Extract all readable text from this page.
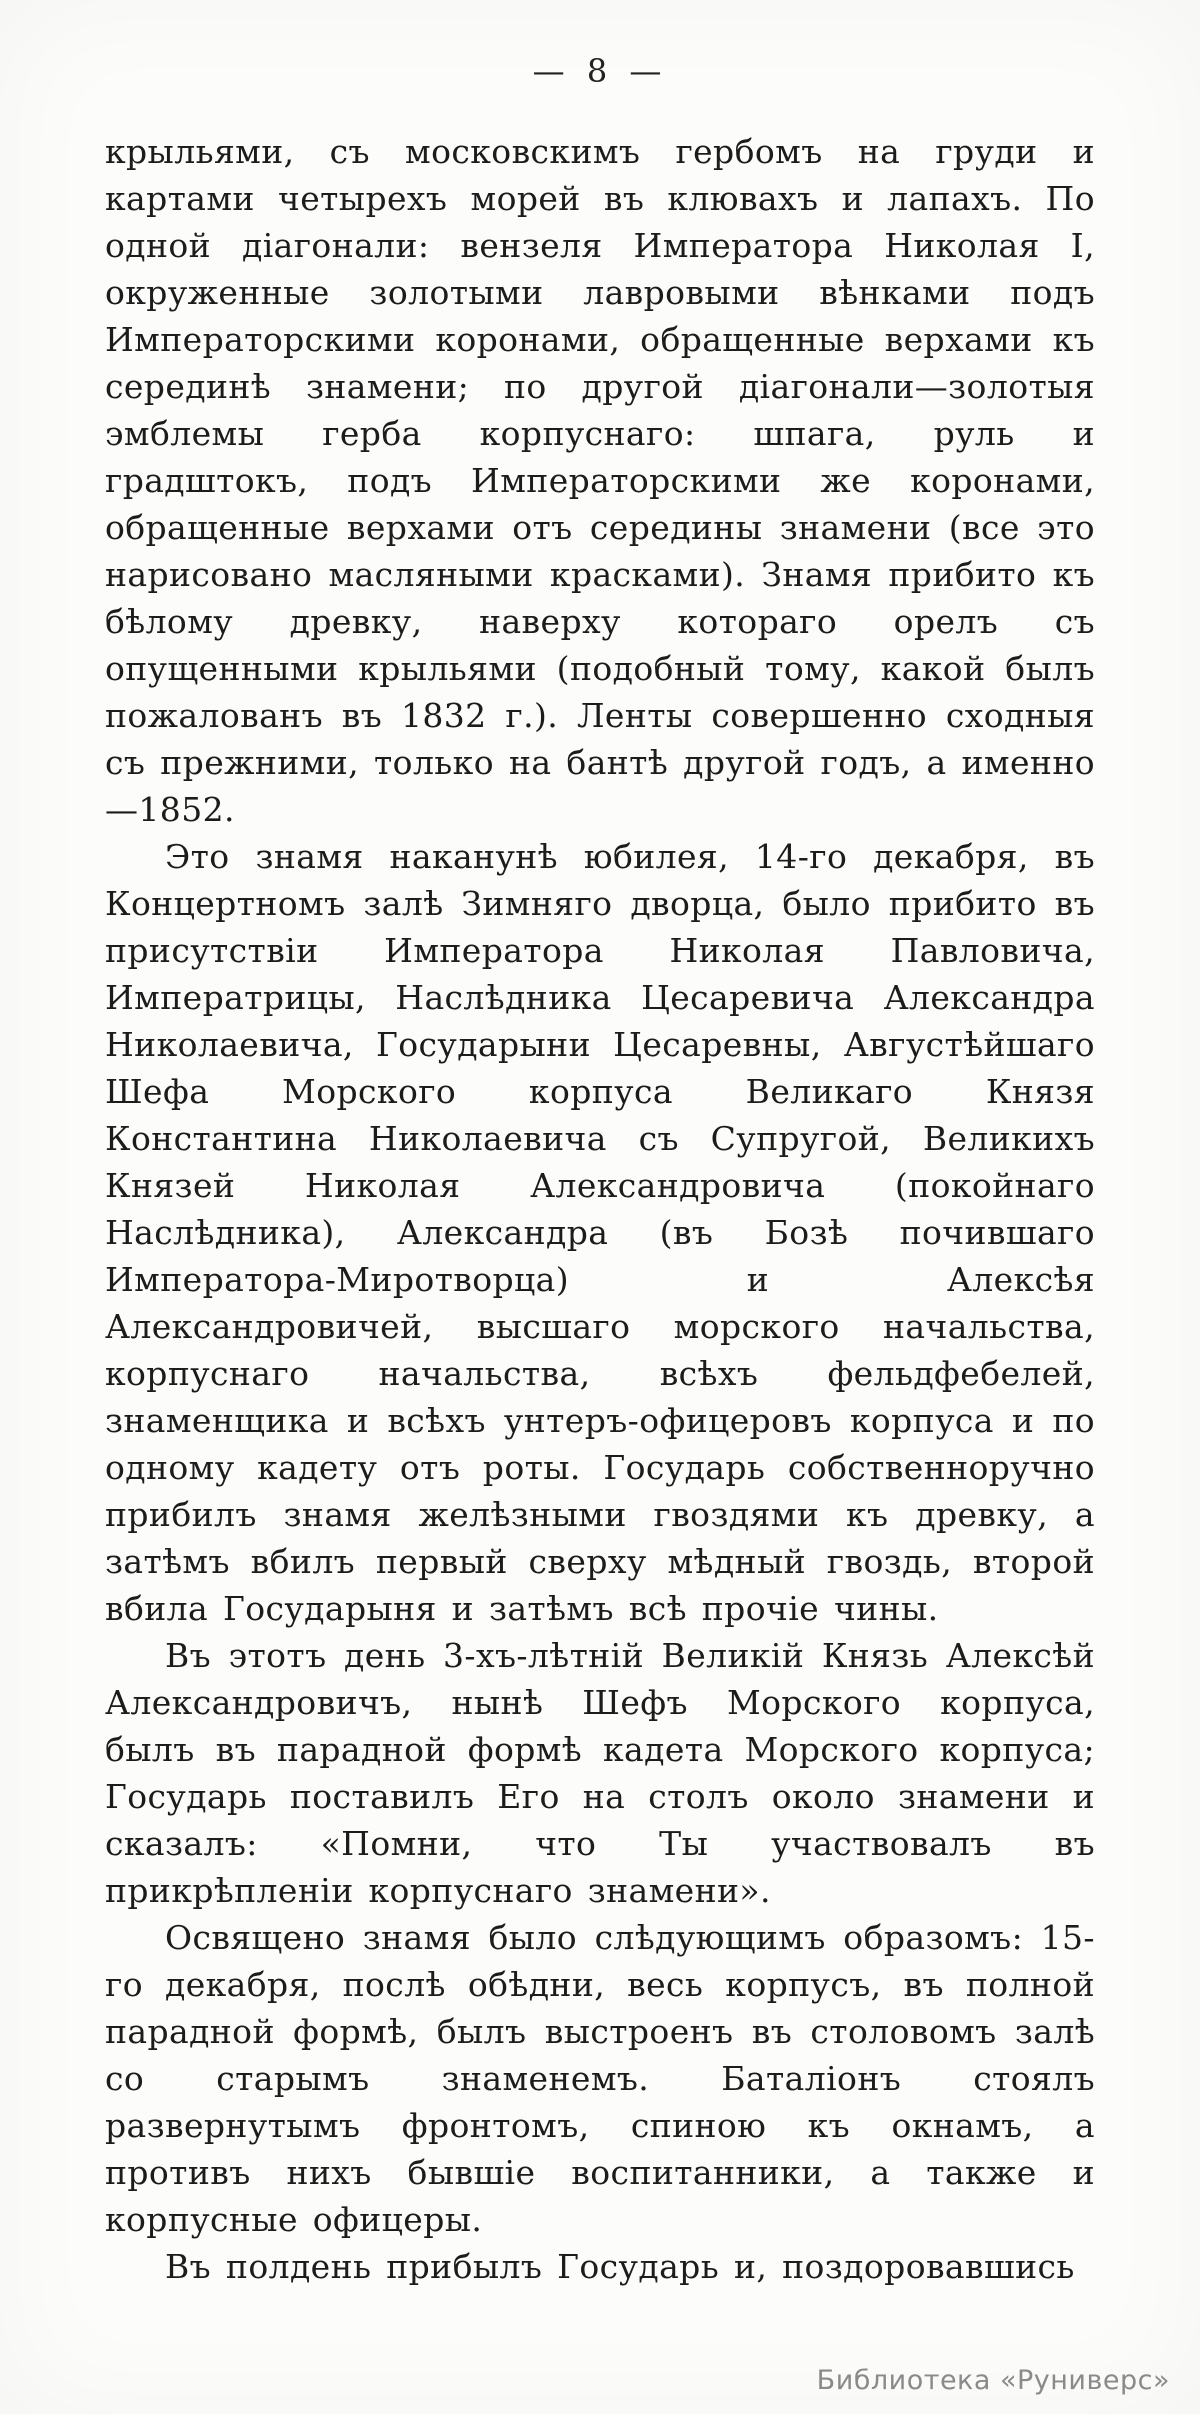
— 8 —

крыльями, съ московскимъ гербомъ на груди и картами четырехъ морей въ клювахъ и лапахъ. По одной діагонали: вензеля Императора Николая I, окруженные золотыми лавровыми вѣнками подъ Императорскими коронами, обращенные верхами къ серединѣ знамени; по другой діагонали—золотыя эмблемы герба корпуснаго: шпага, руль и градштокъ, подъ Императорскими же коронами, обращенные верхами отъ середины знамени (все это нарисовано масляными красками). Знамя прибито къ бѣлому древку, наверху котораго орелъ съ опущенными крыльями (подобный тому, какой былъ пожалованъ въ 1832 г.). Ленты совершенно сходныя съ прежними, только на бантѣ другой годъ, а именно—1852.

Это знамя наканунѣ юбилея, 14-го декабря, въ Концертномъ залѣ Зимняго дворца, было прибито въ присутствіи Императора Николая Павловича, Императрицы, Наслѣдника Цесаревича Александра Николаевича, Государыни Цесаревны, Августѣйшаго Шефа Морского корпуса Великаго Князя Константина Николаевича съ Супругой, Великихъ Князей Николая Александровича (покойнаго Наслѣдника), Александра (въ Бозѣ почившаго Императора-Миротворца) и Алексѣя Александровичей, высшаго морского начальства, корпуснаго начальства, всѣхъ фельдфебелей, знаменщика и всѣхъ унтеръ-офицеровъ корпуса и по одному кадету отъ роты. Государь собственноручно прибилъ знамя желѣзными гвоздями къ древку, а затѣмъ вбилъ первый сверху мѣдный гвоздь, второй вбила Государыня и затѣмъ всѣ прочіе чины.

Въ этотъ день 3-хъ-лѣтній Великій Князь Алексѣй Александровичъ, нынѣ Шефъ Морского корпуса, былъ въ парадной формѣ кадета Морского корпуса; Государь поставилъ Его на столъ около знамени и сказалъ: «Помни, что Ты участвовалъ въ прикрѣпленіи корпуснаго знамени».

Освящено знамя было слѣдующимъ образомъ: 15-го декабря, послѣ обѣдни, весь корпусъ, въ полной парадной формѣ, былъ выстроенъ въ столовомъ залѣ со старымъ знаменемъ. Баталіонъ стоялъ развернутымъ фронтомъ, спиною къ окнамъ, а противъ нихъ бывшіе воспитанники, а также и корпусные офицеры.

Въ полдень прибылъ Государь и, поздоровавшись

Библиотека «Руниверс»
